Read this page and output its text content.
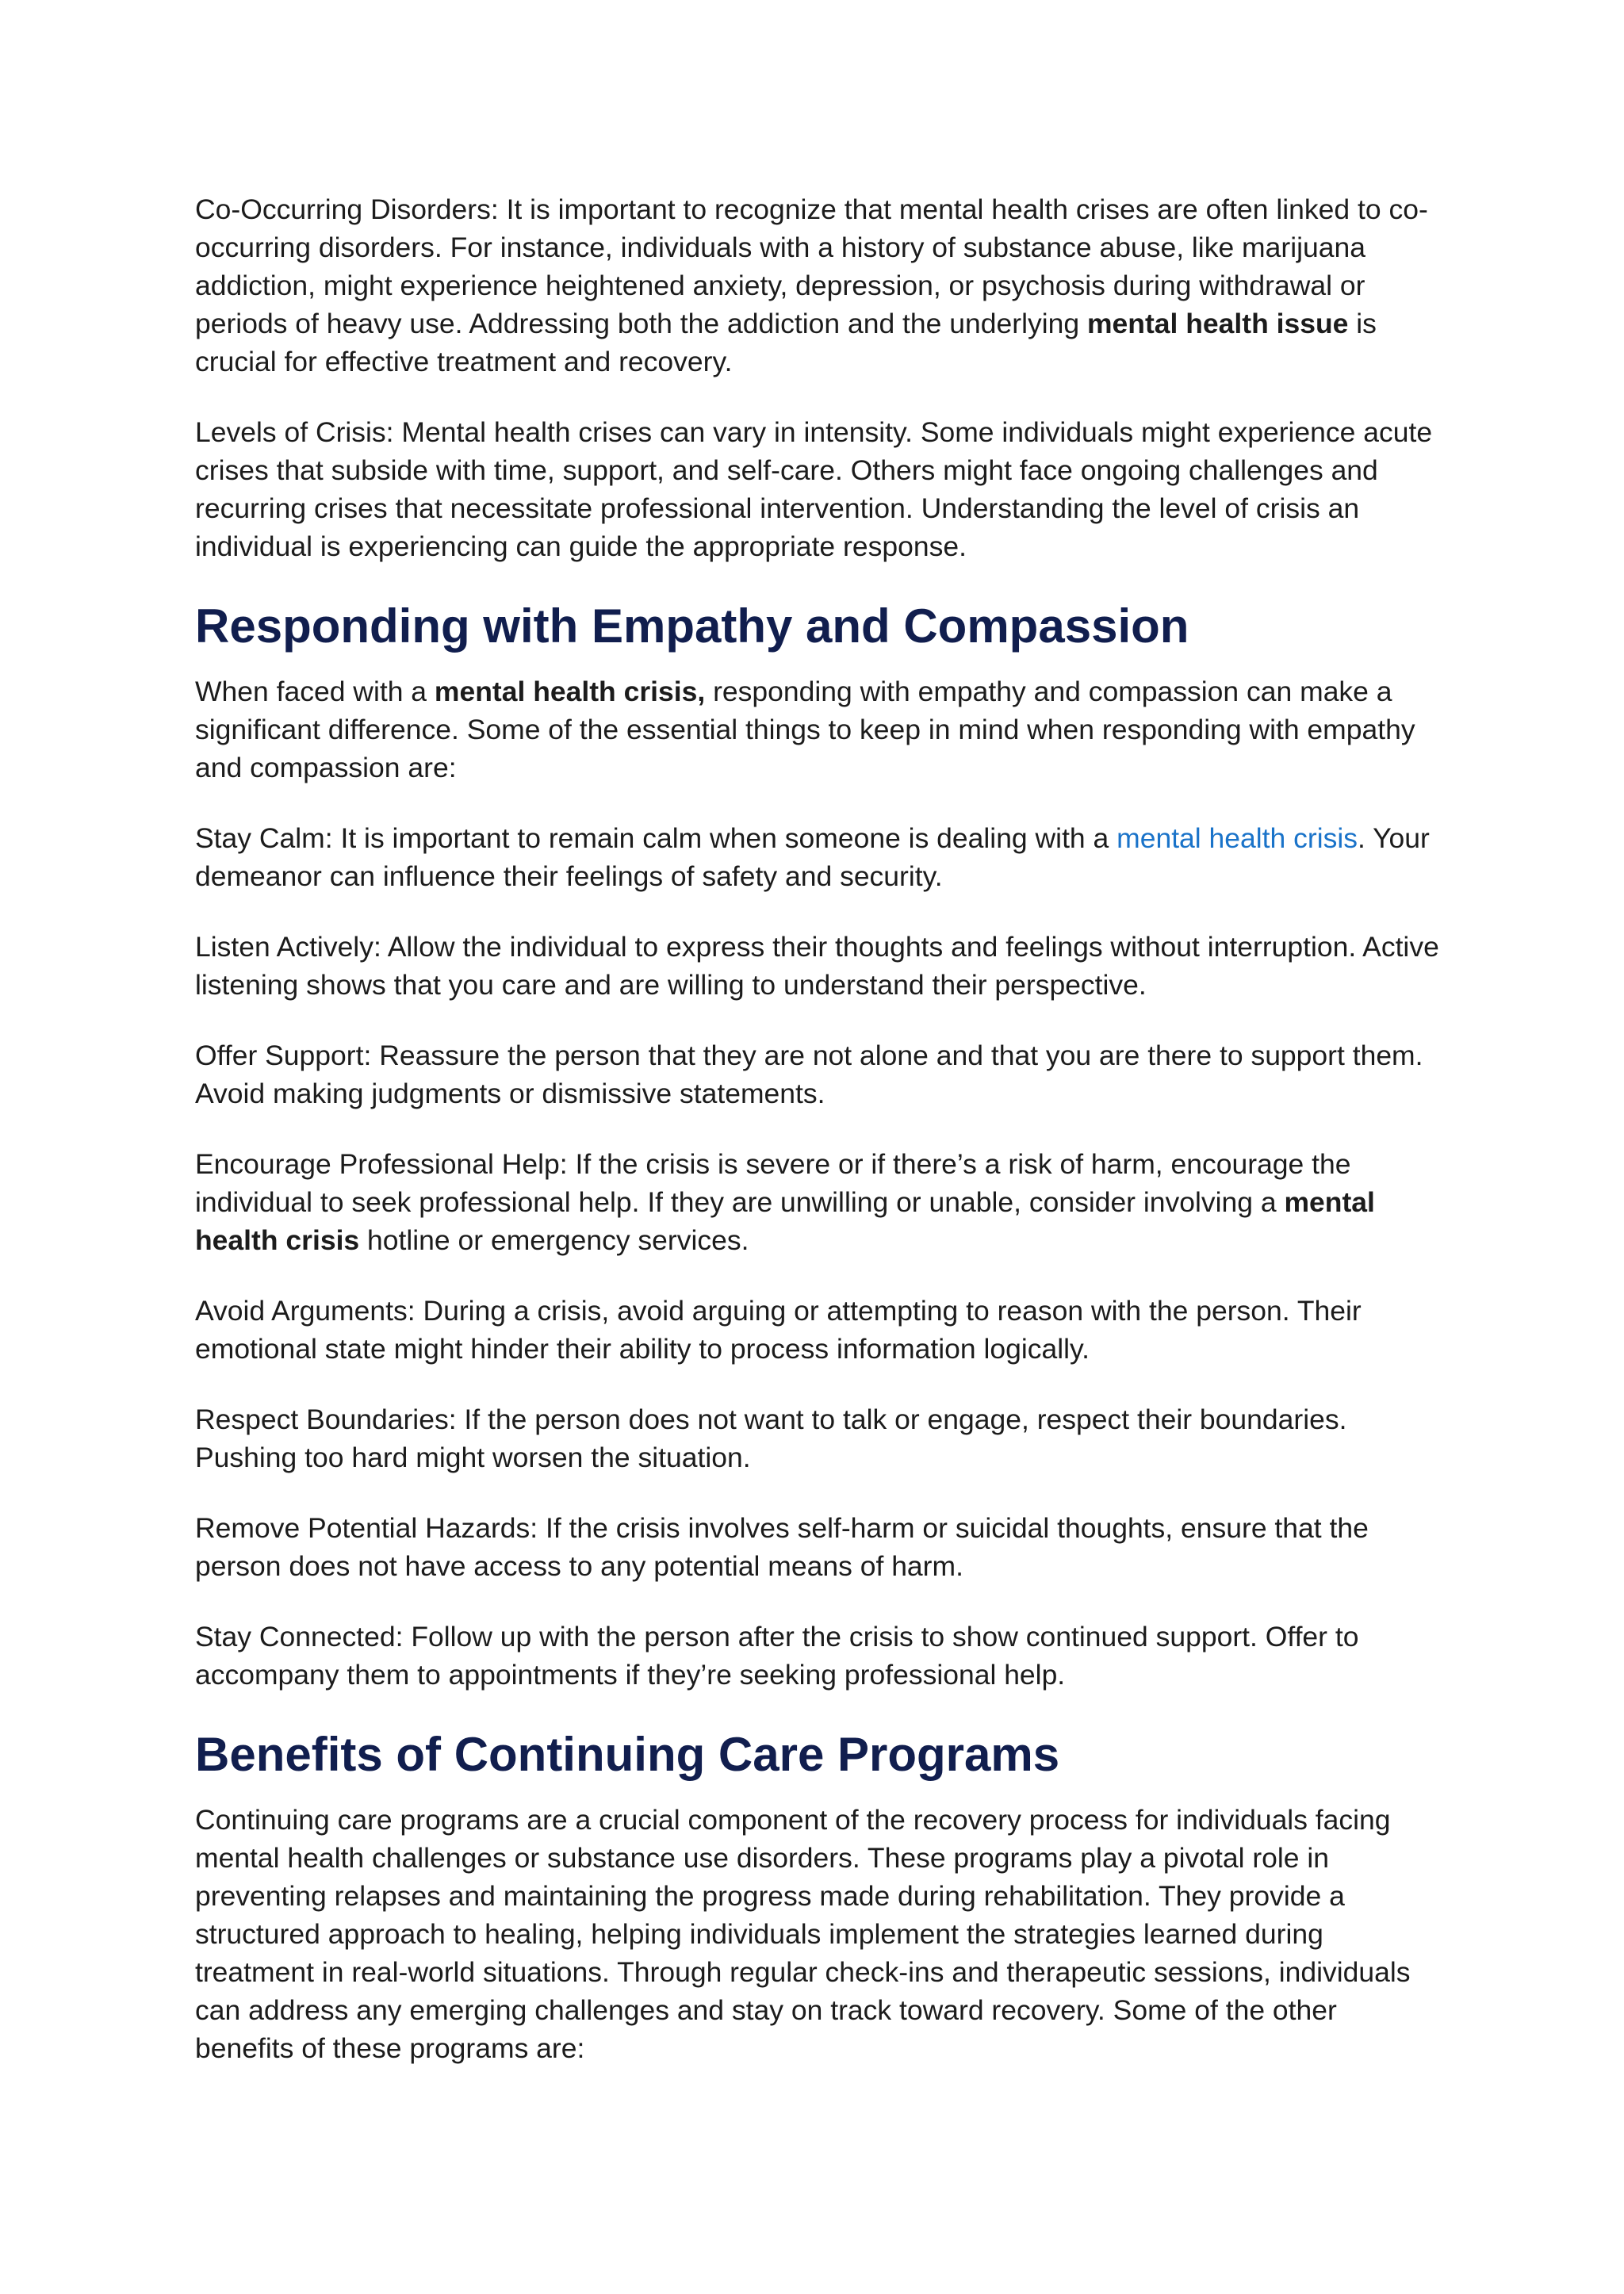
Co-Occurring Disorders: It is important to recognize that mental health crises are often linked to co-occurring disorders. For instance, individuals with a history of substance abuse, like marijuana addiction, might experience heightened anxiety, depression, or psychosis during withdrawal or periods of heavy use. Addressing both the addiction and the underlying mental health issue is crucial for effective treatment and recovery.

Levels of Crisis: Mental health crises can vary in intensity. Some individuals might experience acute crises that subside with time, support, and self-care. Others might face ongoing challenges and recurring crises that necessitate professional intervention. Understanding the level of crisis an individual is experiencing can guide the appropriate response.

Responding with Empathy and Compassion

When faced with a mental health crisis, responding with empathy and compassion can make a significant difference. Some of the essential things to keep in mind when responding with empathy and compassion are:

Stay Calm: It is important to remain calm when someone is dealing with a mental health crisis. Your demeanor can influence their feelings of safety and security.

Listen Actively: Allow the individual to express their thoughts and feelings without interruption. Active listening shows that you care and are willing to understand their perspective.

Offer Support: Reassure the person that they are not alone and that you are there to support them. Avoid making judgments or dismissive statements.

Encourage Professional Help: If the crisis is severe or if there’s a risk of harm, encourage the individual to seek professional help. If they are unwilling or unable, consider involving a mental health crisis hotline or emergency services.

Avoid Arguments: During a crisis, avoid arguing or attempting to reason with the person. Their emotional state might hinder their ability to process information logically.

Respect Boundaries: If the person does not want to talk or engage, respect their boundaries. Pushing too hard might worsen the situation.

Remove Potential Hazards: If the crisis involves self-harm or suicidal thoughts, ensure that the person does not have access to any potential means of harm.

Stay Connected: Follow up with the person after the crisis to show continued support. Offer to accompany them to appointments if they’re seeking professional help.

Benefits of Continuing Care Programs

Continuing care programs are a crucial component of the recovery process for individuals facing mental health challenges or substance use disorders. These programs play a pivotal role in preventing relapses and maintaining the progress made during rehabilitation. They provide a structured approach to healing, helping individuals implement the strategies learned during treatment in real-world situations. Through regular check-ins and therapeutic sessions, individuals can address any emerging challenges and stay on track toward recovery. Some of the other benefits of these programs are:
